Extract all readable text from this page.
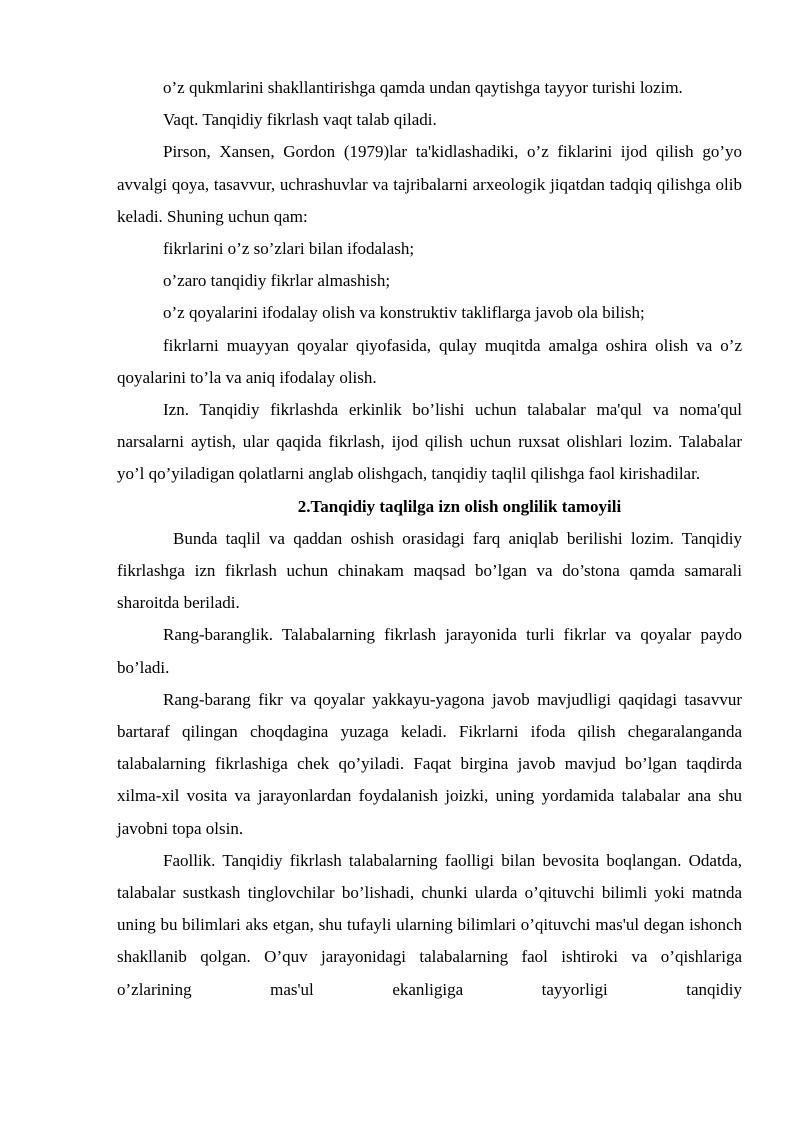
o’z qukmlarini shakllantirishga qamda undan qaytishga tayyor turishi lozim.

Vaqt. Tanqidiy fikrlash vaqt talab qiladi.

Pirson, Xansen, Gordon (1979)lar ta'kidlashadiki, o’z fiklarini ijod qilish go’yo avvalgi qoya, tasavvur, uchrashuvlar va tajribalarni arxeologik jiqatdan tadqiq qilishga olib keladi. Shuning uchun qam:

fikrlarini o’z so’zlari bilan ifodalash;

o’zaro tanqidiy fikrlar almashish;

o’z qoyalarini ifodalay olish va konstruktiv takliflarga javob ola bilish;

fikrlarni muayyan qoyalar qiyofasida, qulay muqitda amalga oshira olish va o’z qoyalarini to’la va aniq ifodalay olish.

Izn. Tanqidiy fikrlashda erkinlik bo’lishi uchun talabalar ma'qul va noma'qul narsalarni aytish, ular qaqida fikrlash, ijod qilish uchun ruxsat olishlari lozim. Talabalar yo’l qo’yiladigan qolatlarni anglab olishgach, tanqidiy taqlil qilishga faol kirishadilar.

2.Tanqidiy taqlilga izn olish onglilik tamoyili

Bunda taqlil va qaddan oshish orasidagi farq aniqlab berilishi lozim. Tanqidiy fikrlashga izn fikrlash uchun chinakam maqsad bo’lgan va do’stona qamda samarali sharoitda beriladi.

Rang-baranglik. Talabalarning fikrlash jarayonida turli fikrlar va qoyalar paydo bo’ladi.

Rang-barang fikr va qoyalar yakkayu-yagona javob mavjudligi qaqidagi tasavvur bartaraf qilingan choqdagina yuzaga keladi. Fikrlarni ifoda qilish chegaralanganda talabalarning fikrlashiga chek qo’yiladi. Faqat birgina javob mavjud bo’lgan taqdirda xilma-xil vosita va jarayonlardan foydalanish joizki, uning yordamida talabalar ana shu javobni topa olsin.

Faollik. Tanqidiy fikrlash talabalarning faolligi bilan bevosita boqlangan. Odatda, talabalar sustkash tinglovchilar bo’lishadi, chunki ularda o’qituvchi bilimli yoki matnda uning bu bilimlari aks etgan, shu tufayli ularning bilimlari o’qituvchi mas'ul degan ishonch shakllanib qolgan. O’quv jarayonidagi talabalarning faol ishtiroki va o’qishlariga o’zlarining mas'ul ekanligiga tayyorligi tanqidiy
